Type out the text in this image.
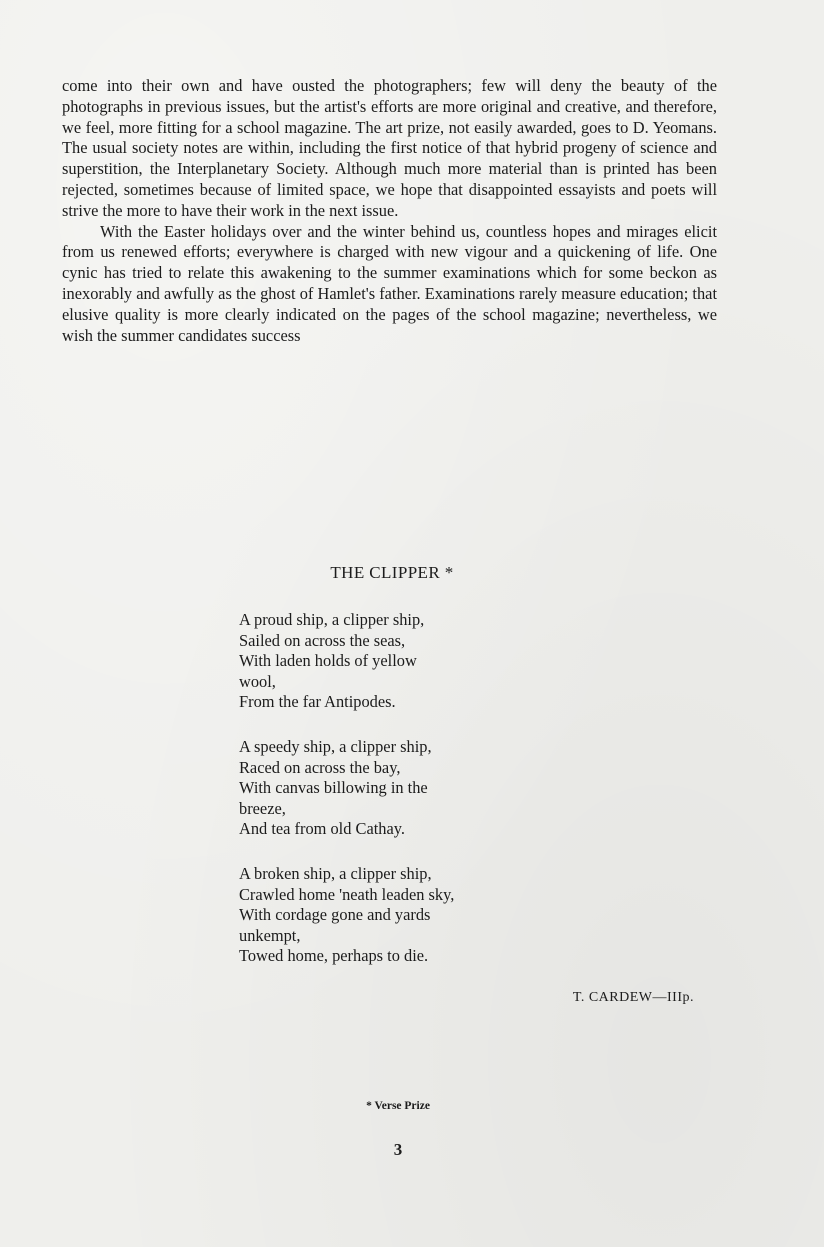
come into their own and have ousted the photographers; few will deny the beauty of the photographs in previous issues, but the artist's efforts are more original and creative, and therefore, we feel, more fitting for a school magazine. The art prize, not easily awarded, goes to D. Yeomans. The usual society notes are within, including the first notice of that hybrid progeny of science and superstition, the Interplanetary Society. Although much more material than is printed has been rejected, sometimes because of limited space, we hope that disappointed essayists and poets will strive the more to have their work in the next issue.

With the Easter holidays over and the winter behind us, countless hopes and mirages elicit from us renewed efforts; everywhere is charged with new vigour and a quickening of life. One cynic has tried to relate this awakening to the summer examinations which for some beckon as inexorably and awfully as the ghost of Hamlet's father. Examinations rarely measure education; that elusive quality is more clearly indicated on the pages of the school magazine; nevertheless, we wish the summer candidates success

THE CLIPPER *
A proud ship, a clipper ship,
Sailed on across the seas,
With laden holds of yellow
wool,
From the far Antipodes.
A speedy ship, a clipper ship,
Raced on across the bay,
With canvas billowing in the
breeze,
And tea from old Cathay.
A broken ship, a clipper ship,
Crawled home 'neath leaden sky,
With cordage gone and yards
unkempt,
Towed home, perhaps to die.
T. CARDEW—IIIp.
* Verse Prize
3
